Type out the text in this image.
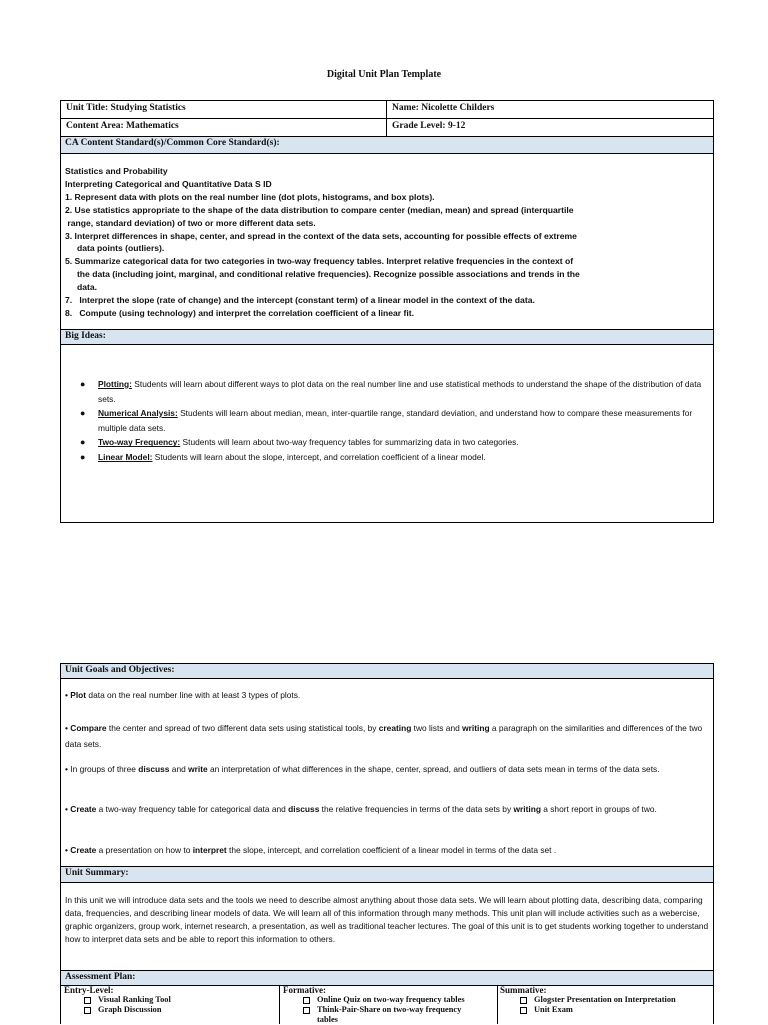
Digital Unit Plan Template
Unit Title: Studying Statistics	Name: Nicolette Childers
Content Area: Mathematics	Grade Level: 9-12
CA Content Standard(s)/Common Core Standard(s):
Big Ideas:
Statistics and Probability
Interpreting Categorical and Quantitative Data S ID
1. Represent data with plots on the real number line (dot plots, histograms, and box plots).
2. Use statistics appropriate to the shape of the data distribution to compare center (median, mean) and spread (interquartile
range, standard deviation) of two or more different data sets.
3. Interpret differences in shape, center, and spread in the context of the data sets, accounting for possible effects of extreme
data points (outliers).
5. Summarize categorical data for two categories in two-way frequency tables. Interpret relative frequencies in the context of
the data (including joint, marginal, and conditional relative frequencies). Recognize possible associations and trends in the
data.
7.   Interpret the slope (rate of change) and the intercept (constant term) of a linear model in the context of the data.
8.   Compute (using technology) and interpret the correlation coefficient of a linear fit.
● Plotting: Students will learn about different ways to plot data on the real number line and use statistical methods to understand the shape of the distribution of data sets.
● Numerical Analysis: Students will learn about median, mean, inter-quartile range, standard deviation, and understand how to compare these measurements for multiple data sets.
● Two-way Frequency: Students will learn about two-way frequency tables for summarizing data in two categories.
● Linear Model: Students will learn about the slope, intercept, and correlation coefficient of a linear model.
Unit Goals and Objectives:
Unit Summary:
Assessment Plan:
• Plot data on the real number line with at least 3 types of plots.
• Compare the center and spread of two different data sets using statistical tools, by creating two lists and writing a paragraph on the similarities and differences of the two data sets.
• In groups of three discuss and write an interpretation of what differences in the shape, center, spread, and outliers of data sets mean in terms of the data sets.
• Create a two-way frequency table for categorical data and discuss the relative frequencies in terms of the data sets by writing a short report in groups of two.
• Create a presentation on how to interpret the slope, intercept, and correlation coefficient of a linear model in terms of the data set .
In this unit we will introduce data sets and the tools we need to describe almost anything about those data sets. We will learn about plotting data, describing data, comparing data, frequencies, and describing linear models of data. We will learn all of this information through many methods. This unit plan will include activities such as a webercise, graphic organizers, group work, internet research, a presentation, as well as traditional teacher lectures. The goal of this unit is to get students working together to understand how to interpret data sets and be able to report this information to others.
Entry-Level:
Visual Ranking Tool
Graph Discussion
Formative:
Online Quiz on two-way frequency tables
Think-Pair-Share on two-way frequency tables
Summative:
Glogster Presentation on Interpretation
Unit Exam
